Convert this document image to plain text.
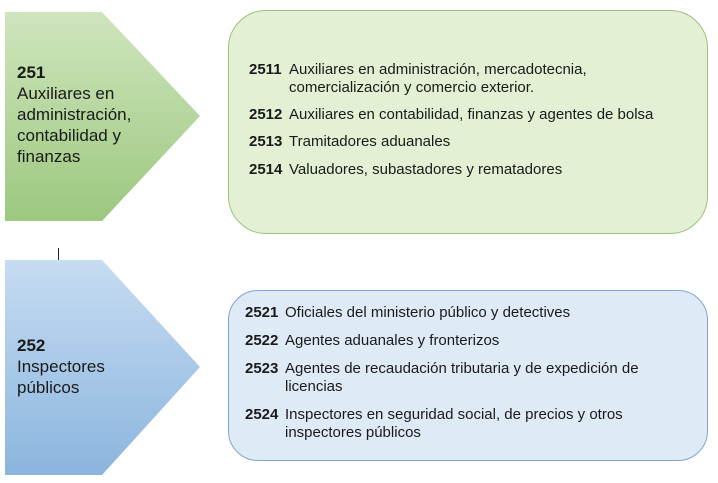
251
Auxiliares en administración, contabilidad y finanzas
252
Inspectores públicos
2511 Auxiliares en administración, mercadotecnia, comercialización y comercio exterior.
2512 Auxiliares en contabilidad, finanzas y agentes de bolsa
2513 Tramitadores aduanales
2514 Valuadores, subastadores y rematadores
2521 Oficiales del ministerio público y detectives
2522 Agentes aduanales y fronterizos
2523 Agentes de recaudación tributaria y de expedición de licencias
2524 Inspectores en seguridad social, de precios y otros inspectores públicos
